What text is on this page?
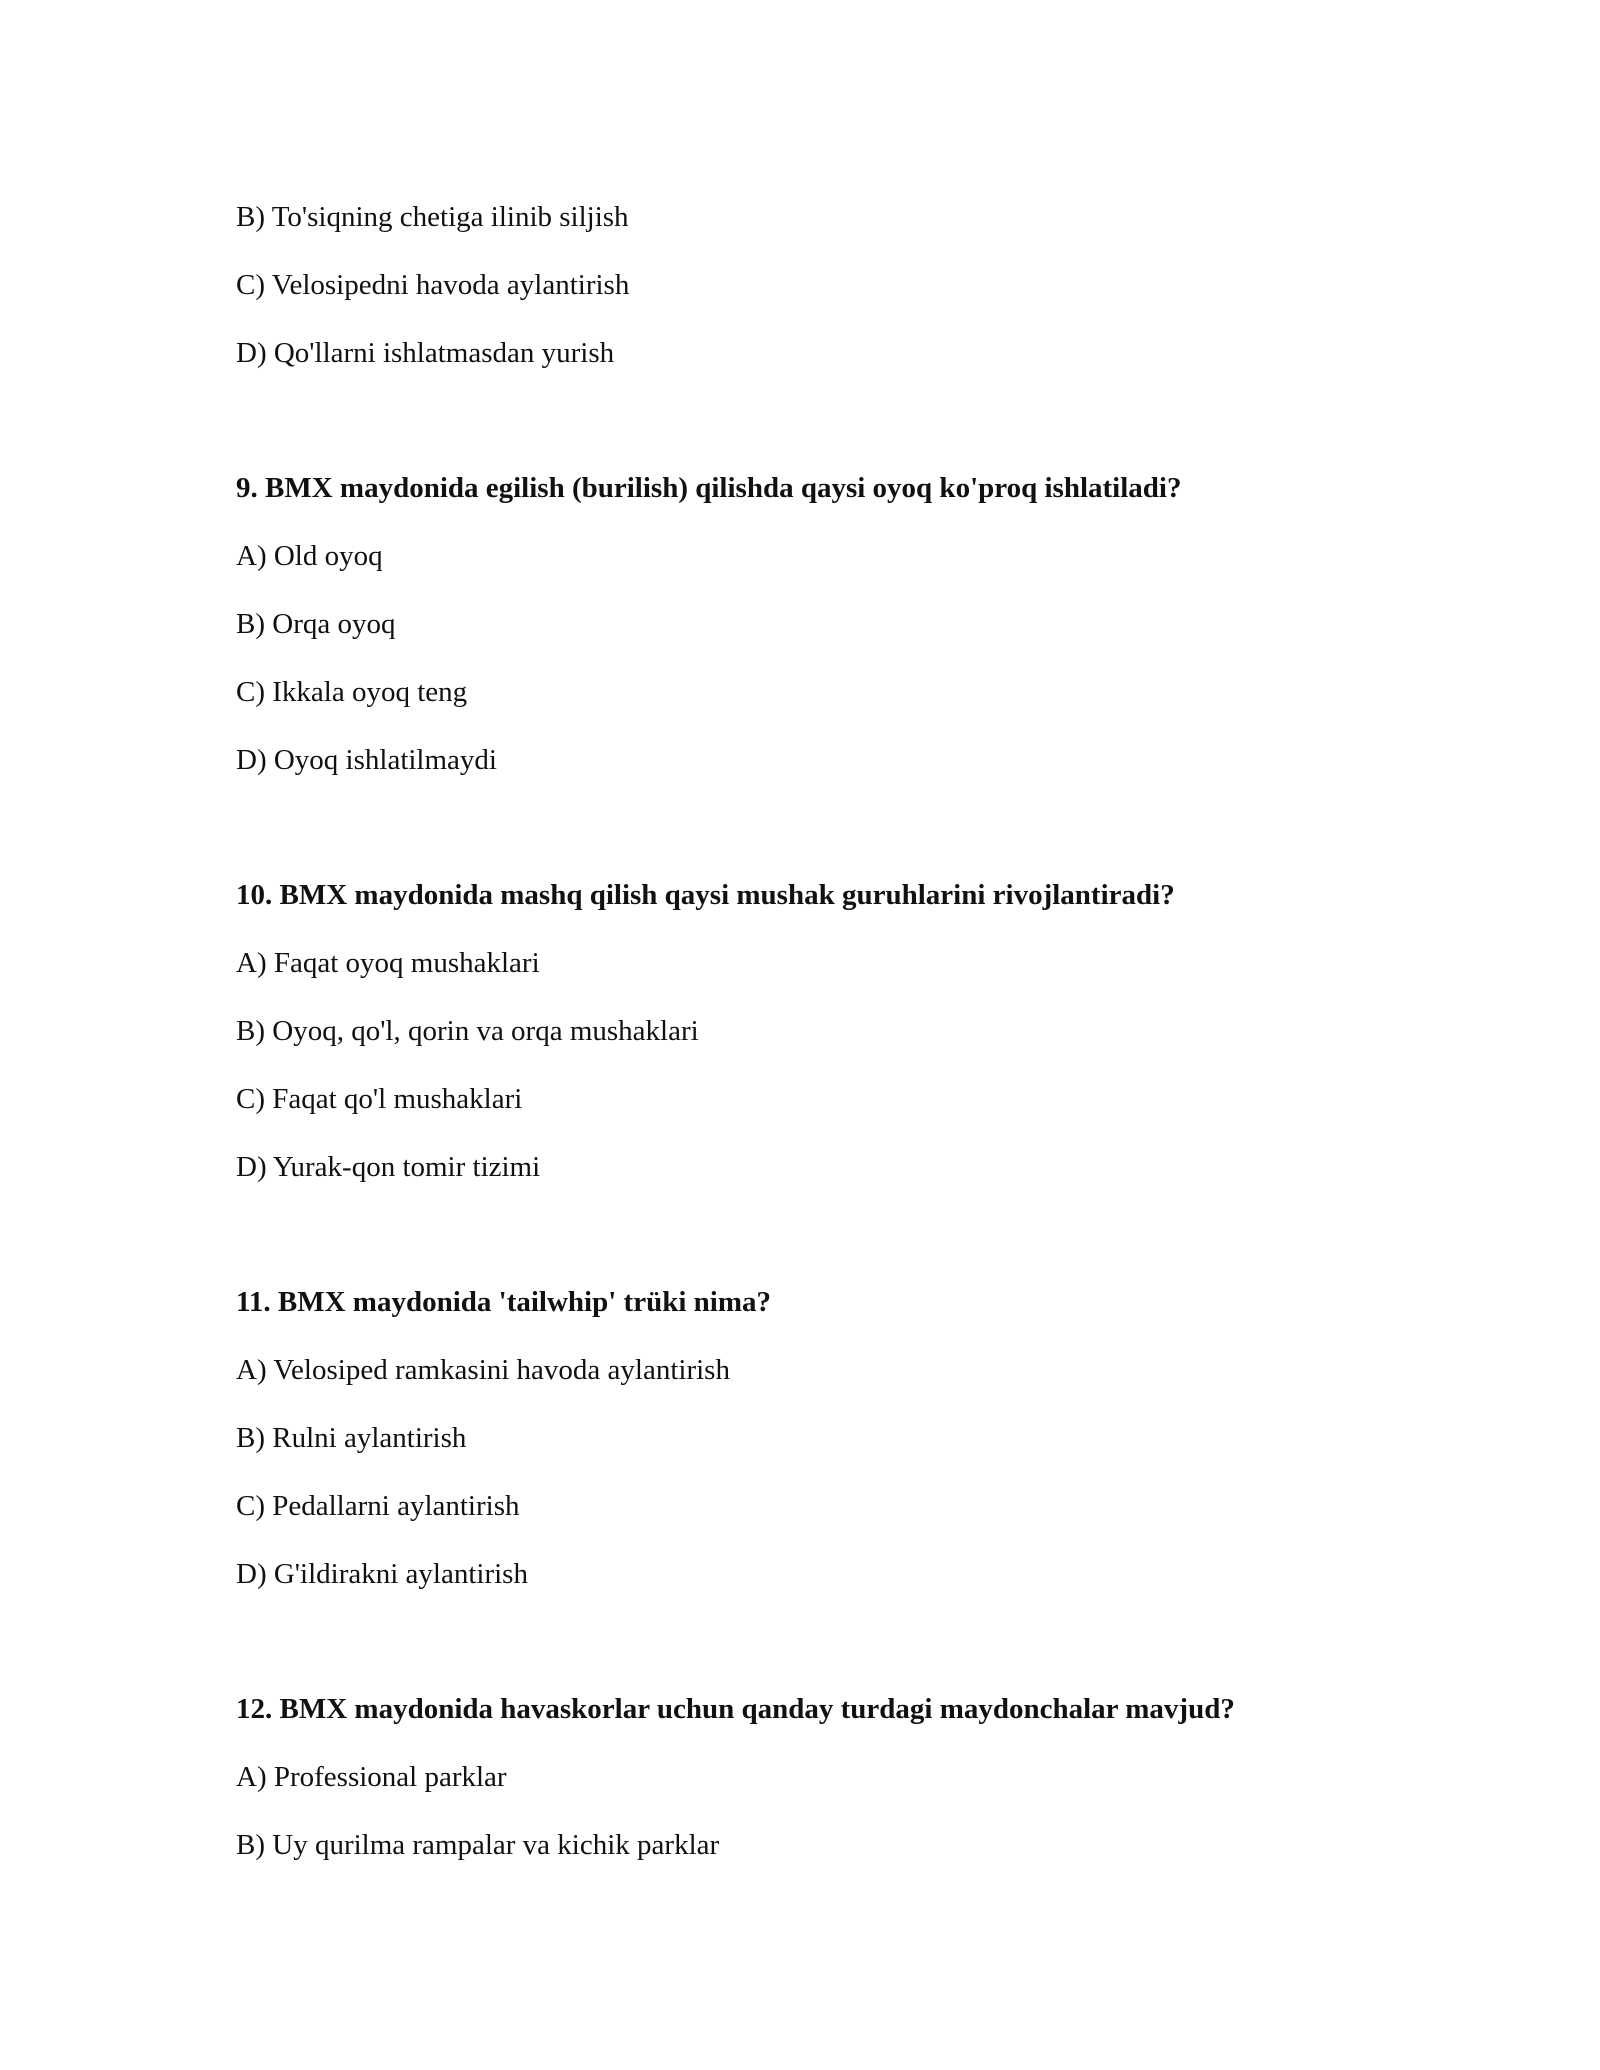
B) To'siqning chetiga ilinib siljish
C) Velosipedni havoda aylantirish
D) Qo'llarni ishlatmasdan yurish
9. BMX maydonida egilish (burilish) qilishda qaysi oyoq ko'proq ishlatiladi?
A) Old oyoq
B) Orqa oyoq
C) Ikkala oyoq teng
D) Oyoq ishlatilmaydi
10. BMX maydonida mashq qilish qaysi mushak guruhlarini rivojlantiradi?
A) Faqat oyoq mushaklari
B) Oyoq, qo'l, qorin va orqa mushaklari
C) Faqat qo'l mushaklari
D) Yurak-qon tomir tizimi
11. BMX maydonida 'tailwhip' trüki nima?
A) Velosiped ramkasini havoda aylantirish
B) Rulni aylantirish
C) Pedallarni aylantirish
D) G'ildirakni aylantirish
12. BMX maydonida havaskorlar uchun qanday turdagi maydonchalar mavjud?
A) Professional parklar
B) Uy qurilma rampalar va kichik parklar
